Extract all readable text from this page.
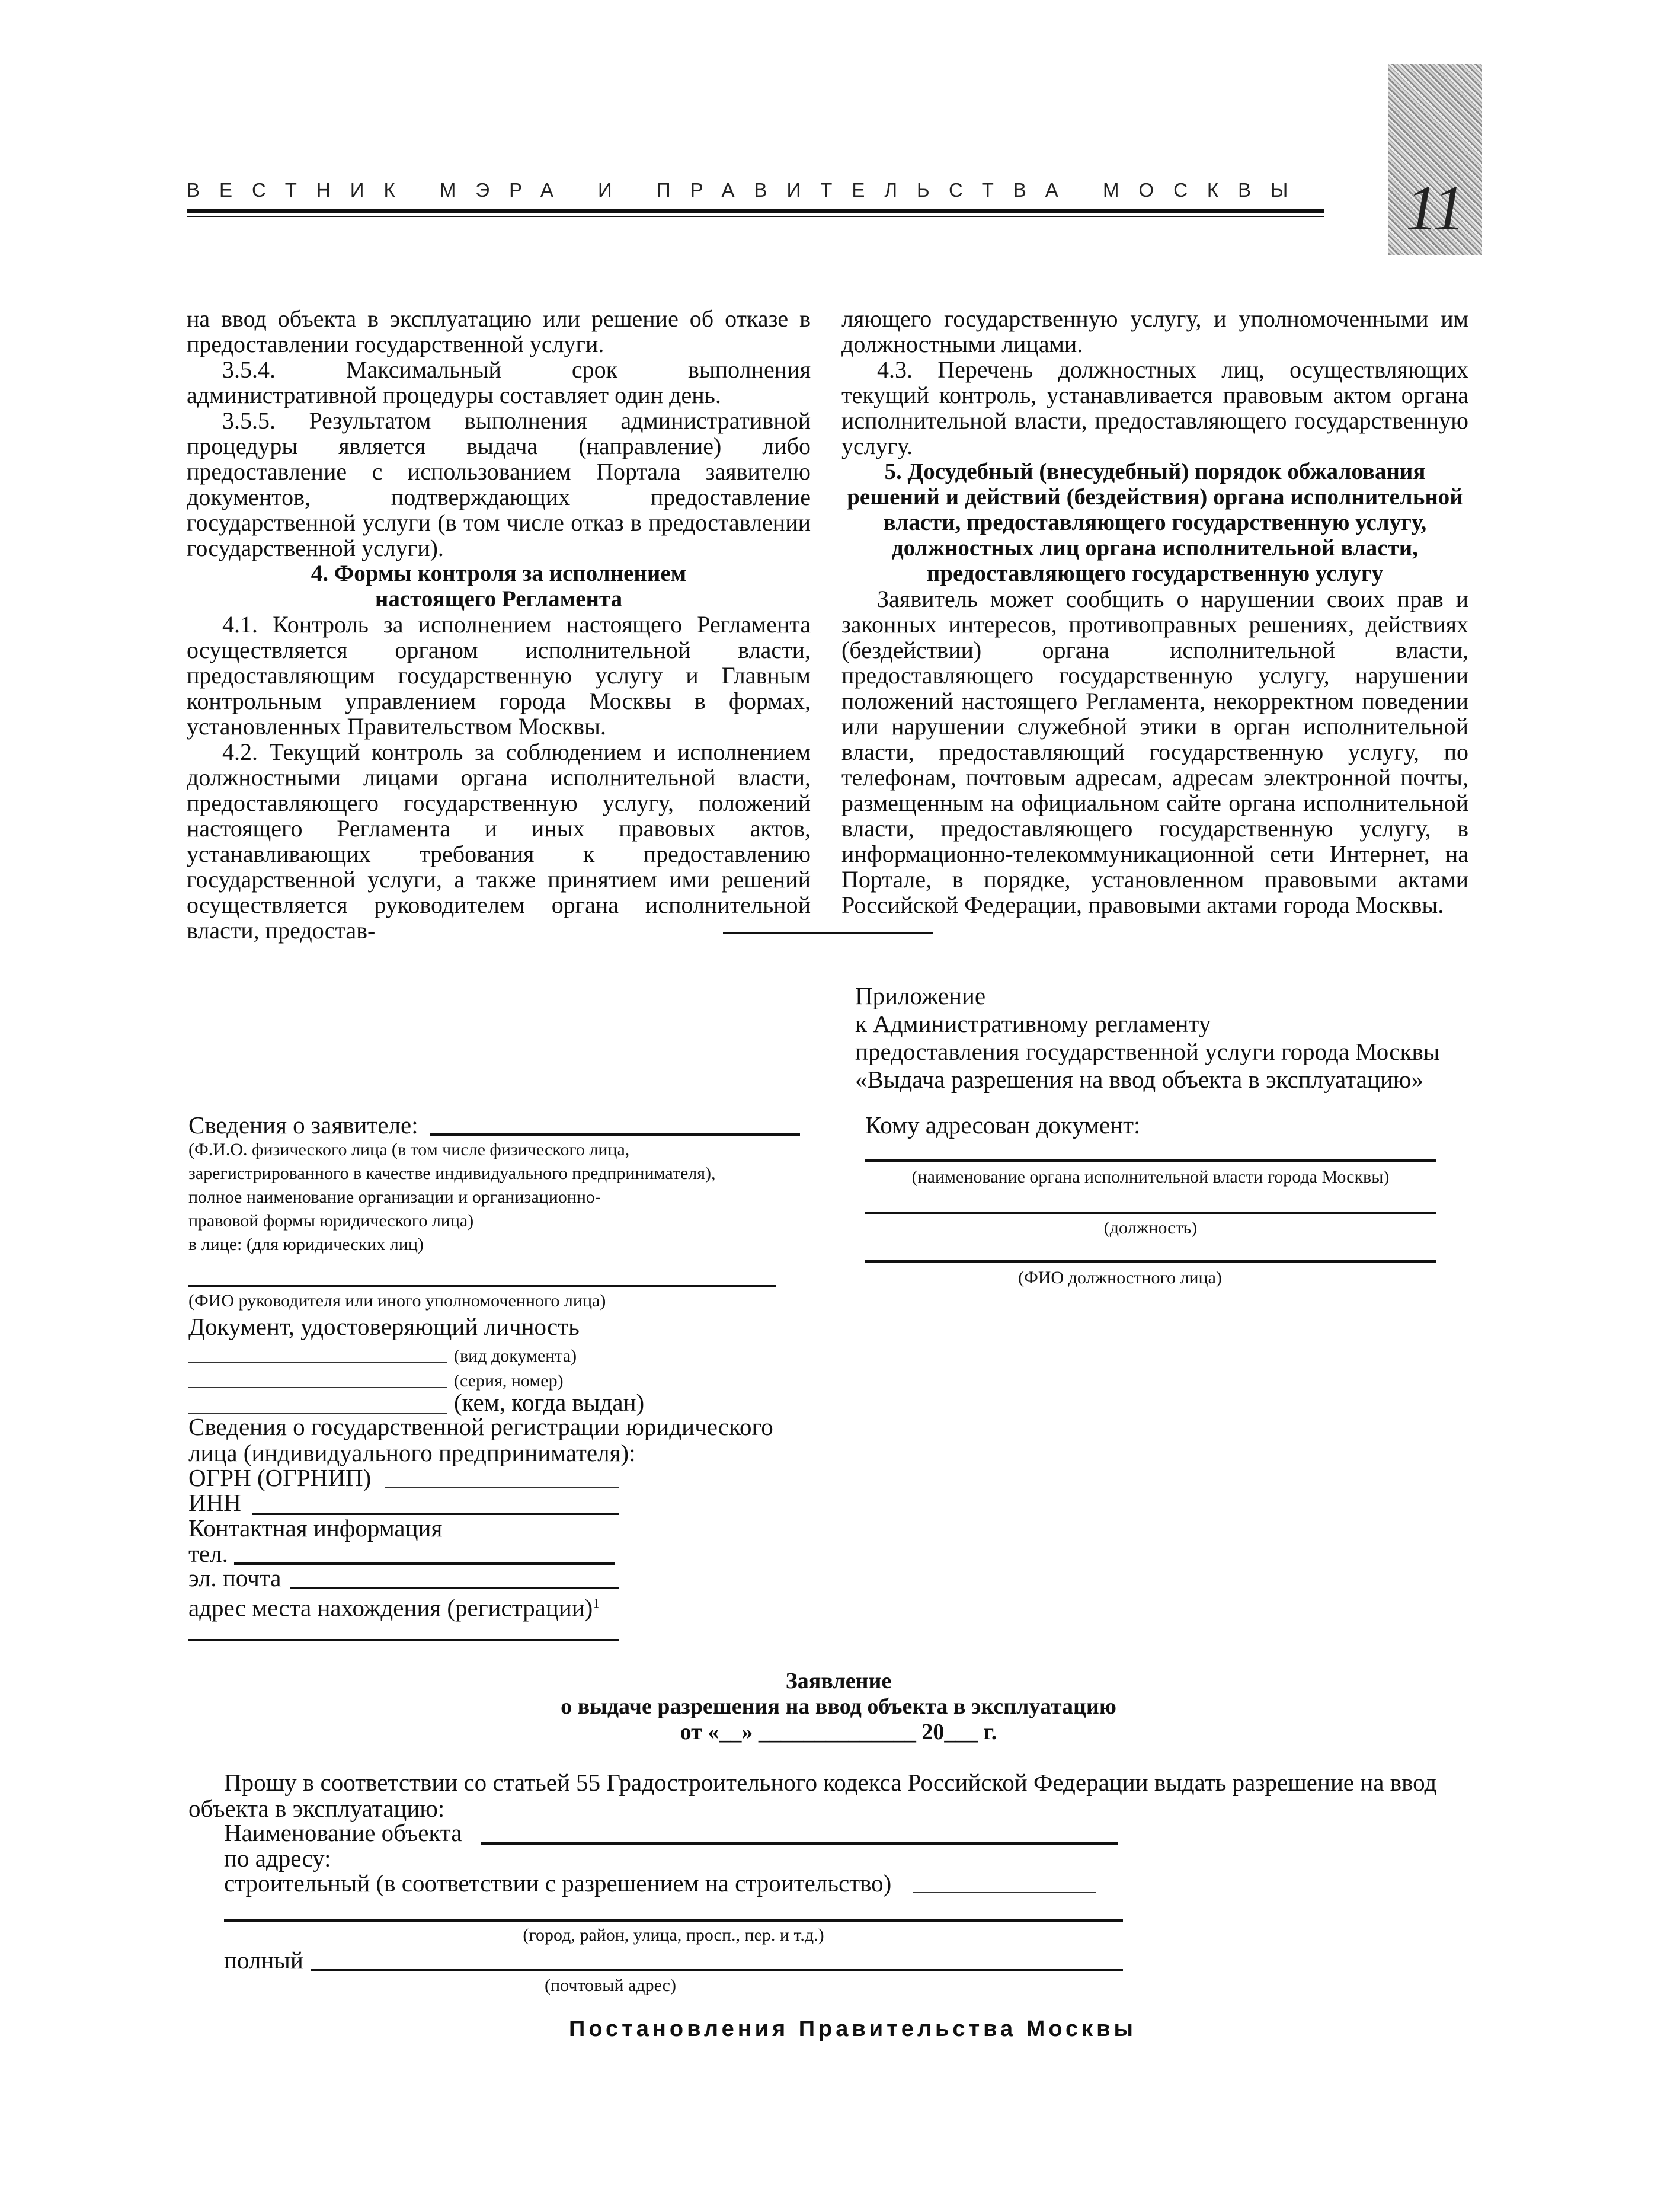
ВЕСТНИК МЭРА И ПРАВИТЕЛЬСТВА МОСКВЫ 11

на ввод объекта в эксплуатацию или решение об отказе в предоставлении государственной услуги.

3.5.4. Максимальный срок выполнения административной процедуры составляет один день.

3.5.5. Результатом выполнения административной процедуры является выдача (направление) либо предоставление с использованием Портала заявителю документов, подтверждающих предоставление государственной услуги (в том числе отказ в предоставлении государственной услуги).

4. Формы контроля за исполнением
настоящего Регламента

4.1. Контроль за исполнением настоящего Регламента осуществляется органом исполнительной власти, предоставляющим государственную услугу и Главным контрольным управлением города Москвы в формах, установленных Правительством Москвы.

4.2. Текущий контроль за соблюдением и исполнением должностными лицами органа исполнительной власти, предоставляющего государственную услугу, положений настоящего Регламента и иных правовых актов, устанавливающих требования к предоставлению государственной услуги, а также принятием ими решений осуществляется руководителем органа исполнительной власти, предостав-

ляющего государственную услугу, и уполномоченными им должностными лицами.

4.3. Перечень должностных лиц, осуществляющих текущий контроль, устанавливается правовым актом органа исполнительной власти, предоставляющего государственную услугу.

5. Досудебный (внесудебный) порядок обжалования
решений и действий (бездействия) органа исполнительной
власти, предоставляющего государственную услугу,
должностных лиц органа исполнительной власти,
предоставляющего государственную услугу

Заявитель может сообщить о нарушении своих прав и законных интересов, противоправных решениях, действиях (бездействии) органа исполнительной власти, предоставляющего государственную услугу, нарушении положений настоящего Регламента, некорректном поведении или нарушении служебной этики в орган исполнительной власти, предоставляющий государственную услугу, по телефонам, почтовым адресам, адресам электронной почты, размещенным на официальном сайте органа исполнительной власти, предоставляющего государственную услугу, в информационно-телекоммуникационной сети Интернет, на Портале, в порядке, установленном правовыми актами Российской Федерации, правовыми актами города Москвы.

Приложение
к Административному регламенту
предоставления государственной услуги города Москвы
«Выдача разрешения на ввод объекта в эксплуатацию»
Сведения о заявителе:
(Ф.И.О. физического лица (в том числе физического лица,
зарегистрированного в качестве индивидуального предпринимателя),
полное наименование организации и организационно-
правовой формы юридического лица)
в лице: (для юридических лиц)
(ФИО руководителя или иного уполномоченного лица)
Документ, удостоверяющий личность
(вид документа)
(серия, номер)
(кем, когда выдан)
Сведения о государственной регистрации юридического
лица (индивидуального предпринимателя):
ОГРН (ОГРНИП)
ИНН
Контактная информация
тел.
эл. почта
адрес места нахождения (регистрации)$^1$
Кому адресован документ:
(наименование органа исполнительной власти города Москвы)
(должность)
(ФИО должностного лица)
Заявление
о выдаче разрешения на ввод объекта в эксплуатацию
от «__» ______________ 20___ г.
Прошу в соответствии со статьей 55 Градостроительного кодекса Российской Федерации выдать разрешение на ввод
объекта в эксплуатацию:
Наименование объекта
по адресу:
строительный (в соответствии с разрешением на строительство)
(город, район, улица, просп., пер. и т.д.)
полный
(почтовый адрес)
Постановления Правительства Москвы
